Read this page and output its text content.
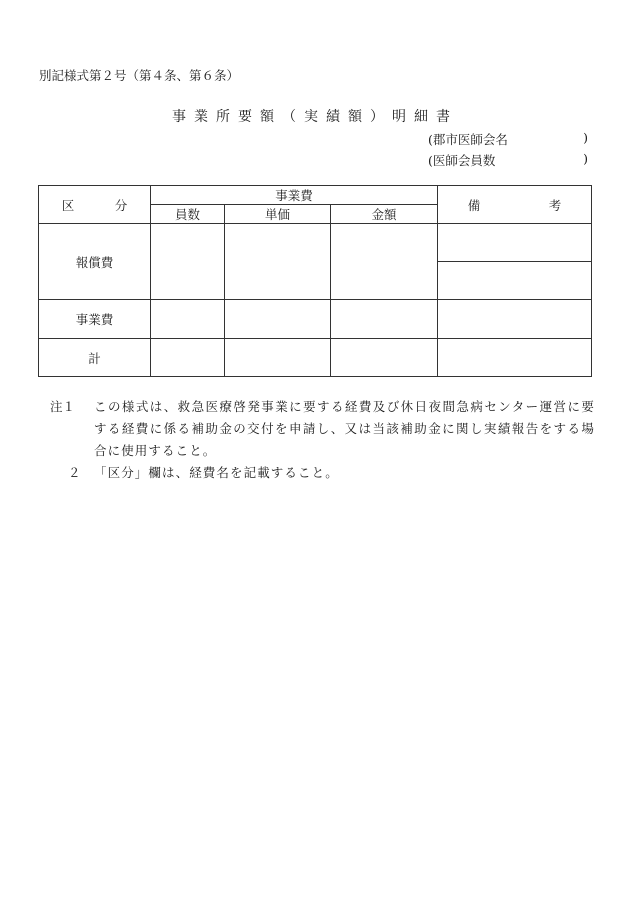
別記様式第２号（第４条、第６条）
事業所要額（実績額）明細書
(郡市医師会名	)
(医師会員数	)
区　分	事業費			備　考
	員数	単価	金額	
報償費				

事業費				
計				
注１	この様式は、救急医療啓発事業に要する経費及び休日夜間急病センター運営に要する経費に係る補助金の交付を申請し、又は当該補助金に関し実績報告をする場合に使用すること。
２	「区分」欄は、経費名を記載すること。
